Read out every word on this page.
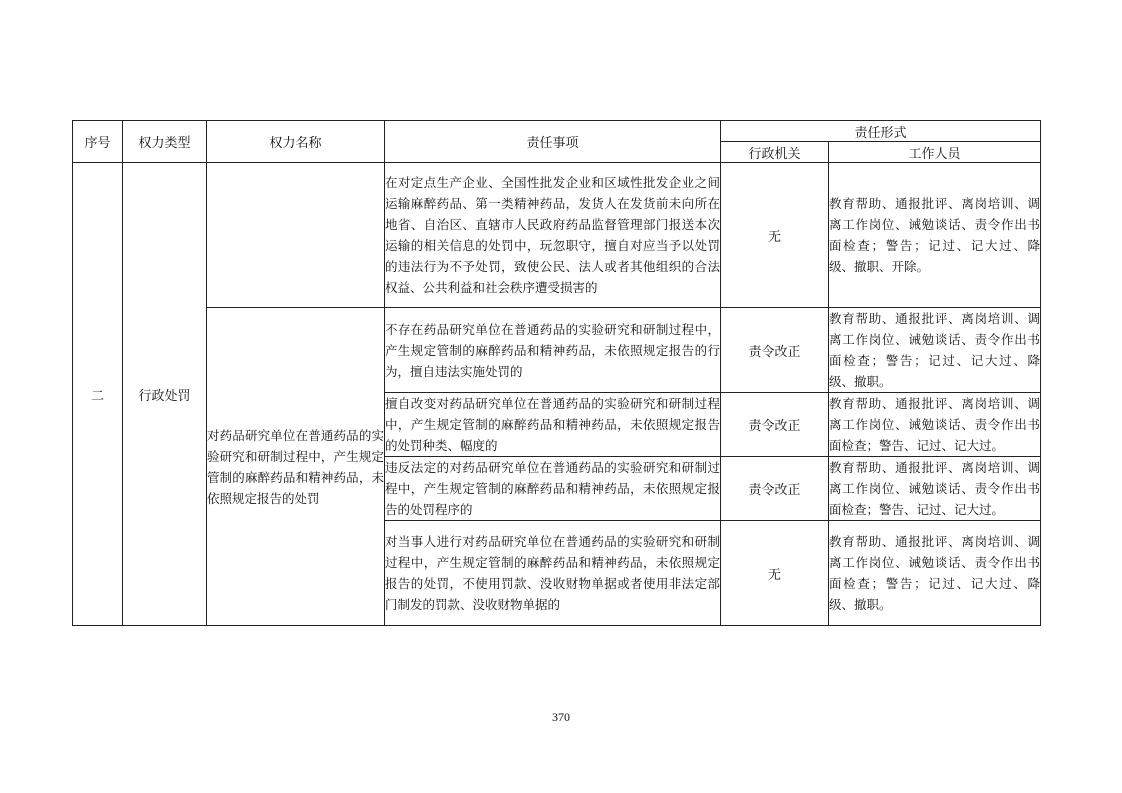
序号	权力类型	权力名称	责任事项	责任形式	
				行政机关	工作人员
二	行政处罚		在对定点生产企业、全国性批发企业和区域性批发企业之间运输麻醉药品、第一类精神药品，发货人在发货前未向所在地省、自治区、直辖市人民政府药品监督管理部门报送本次运输的相关信息的处罚中，玩忽职守，擅自对应当予以处罚的违法行为不予处罚，致使公民、法人或者其他组织的合法权益、公共利益和社会秩序遭受损害的	无	教育帮助、通报批评、离岗培训、调离工作岗位、诫勉谈话、责令作出书面检查；警告；记过、记大过、降级、撤职、开除。
		对药品研究单位在普通药品的实验研究和研制过程中，产生规定管制的麻醉药品和精神药品，未依照规定报告的处罚	不存在药品研究单位在普通药品的实验研究和研制过程中，产生规定管制的麻醉药品和精神药品，未依照规定报告的行为，擅自违法实施处罚的	责令改正	教育帮助、通报批评、离岗培训、调离工作岗位、诫勉谈话、责令作出书面检查；警告；记过、记大过、降级、撤职。
			擅自改变对药品研究单位在普通药品的实验研究和研制过程中，产生规定管制的麻醉药品和精神药品，未依照规定报告的处罚种类、幅度的	责令改正	教育帮助、通报批评、离岗培训、调离工作岗位、诫勉谈话、责令作出书面检查；警告、记过、记大过。
			违反法定的对药品研究单位在普通药品的实验研究和研制过程中，产生规定管制的麻醉药品和精神药品，未依照规定报告的处罚程序的	责令改正	教育帮助、通报批评、离岗培训、调离工作岗位、诫勉谈话、责令作出书面检查；警告、记过、记大过。
			对当事人进行对药品研究单位在普通药品的实验研究和研制过程中，产生规定管制的麻醉药品和精神药品，未依照规定报告的处罚，不使用罚款、没收财物单据或者使用非法定部门制发的罚款、没收财物单据的	无	教育帮助、通报批评、离岗培训、调离工作岗位、诫勉谈话、责令作出书面检查；警告；记过、记大过、降级、撤职。
370
